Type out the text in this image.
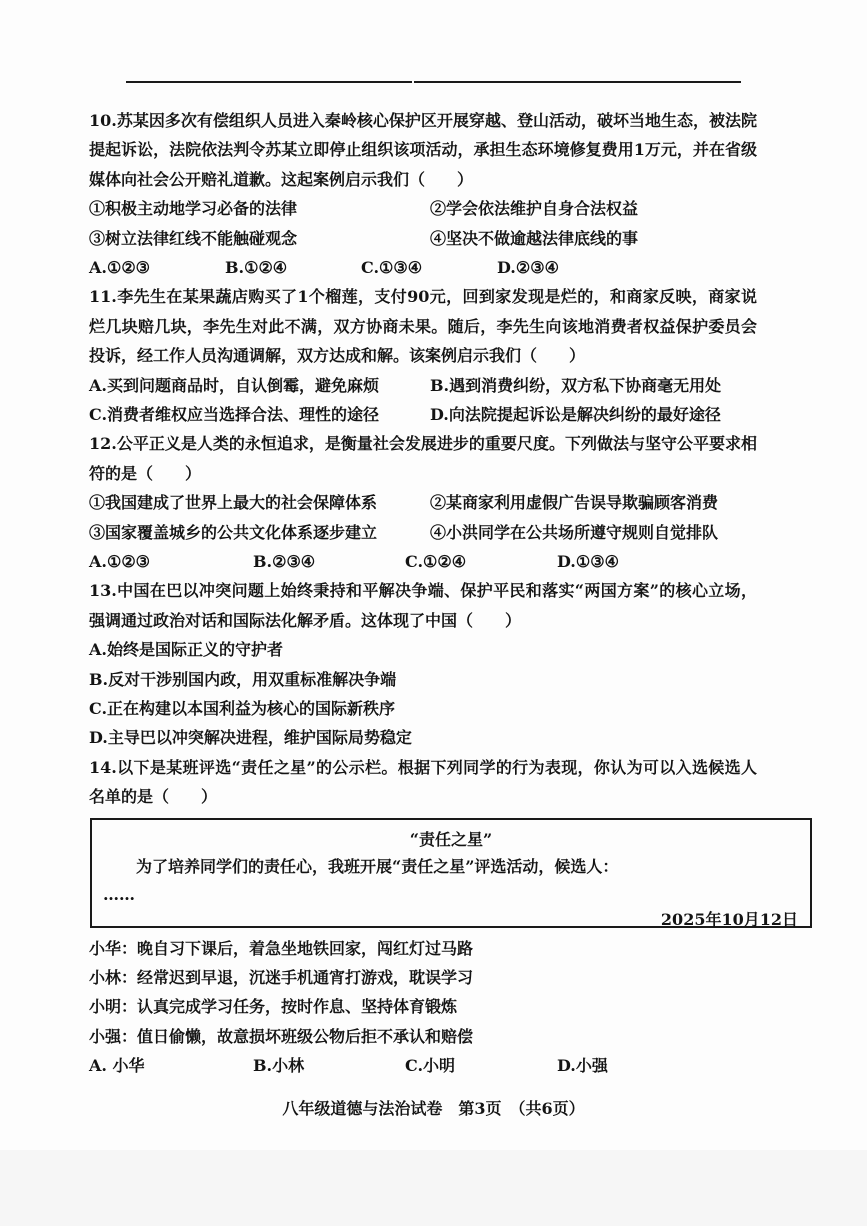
10.苏某因多次有偿组织人员进入秦岭核心保护区开展穿越、登山活动，破坏当地生态，被法院提起诉讼，法院依法判令苏某立即停止组织该项活动，承担生态环境修复费用1万元，并在省级媒体向社会公开赔礼道歉。这起案例启示我们（　　）
①积极主动地学习必备的法律	②学会依法维护自身合法权益
③树立法律红线不能触碰观念	④坚决不做逾越法律底线的事
A.①②③	B.①②④	C.①③④	D.②③④
11.李先生在某果蔬店购买了1个榴莲，支付90元，回到家发现是烂的，和商家反映，商家说烂几块赔几块，李先生对此不满，双方协商未果。随后，李先生向该地消费者权益保护委员会投诉，经工作人员沟通调解，双方达成和解。该案例启示我们（　　）
A.买到问题商品时，自认倒霉，避免麻烦	B.遇到消费纠纷，双方私下协商毫无用处
C.消费者维权应当选择合法、理性的途径	D.向法院提起诉讼是解决纠纷的最好途径
12.公平正义是人类的永恒追求，是衡量社会发展进步的重要尺度。下列做法与坚守公平要求相符的是（　　）
①我国建成了世界上最大的社会保障体系	②某商家利用虚假广告误导欺骗顾客消费
③国家覆盖城乡的公共文化体系逐步建立	④小洪同学在公共场所遵守规则自觉排队
A.①②③	B.②③④	C.①②④	D.①③④
13.中国在巴以冲突问题上始终秉持和平解决争端、保护平民和落实“两国方案”的核心立场，强调通过政治对话和国际法化解矛盾。这体现了中国（　　）
A.始终是国际正义的守护者
B.反对干涉别国内政，用双重标准解决争端
C.正在构建以本国利益为核心的国际新秩序
D.主导巴以冲突解决进程，维护国际局势稳定
14.以下是某班评选“责任之星”的公示栏。根据下列同学的行为表现，你认为可以入选候选人名单的是（　　）
“责任之星”
为了培养同学们的责任心，我班开展“责任之星”评选活动，候选人：
……
2025年10月12日
小华：晚自习下课后，着急坐地铁回家，闯红灯过马路
小林：经常迟到早退，沉迷手机通宵打游戏，耽误学习
小明：认真完成学习任务，按时作息、坚持体育锻炼
小强：值日偷懒，故意损坏班级公物后拒不承认和赔偿
A. 小华	B.小林	C.小明	D.小强
八年级道德与法治试卷　第3页　（共6页）
